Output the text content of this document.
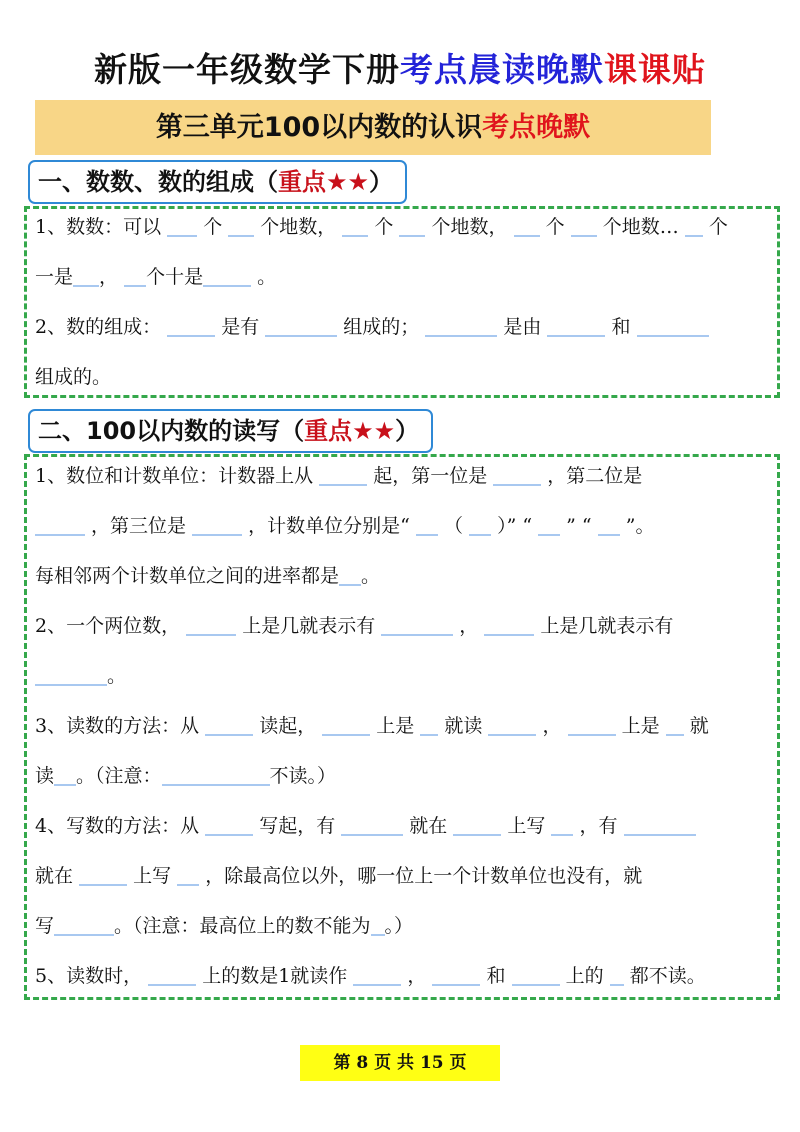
新版一年级数学下册考点晨读晚默课课贴
第三单元100以内数的认识考点晚默
一、数数、数的组成（重点★★）
1、数数：可以 个 个地数， 个 个地数， 个 个地数… 个
一是 ， 个十是	。
2、数的组成：	是有	组成的；	是由	和
组成的。
二、100以内数的读写（重点★★）
1、数位和计数单位：计数器上从	起，第一位是	，第二位是
，第三位是	，计数单位分别是“ （ ）” “ ” “ ”。
每相邻两个计数单位之间的进率都是 。
2、一个两位数，	上是几就表示有	，	上是几就表示有
。
3、读数的方法：从	读起，	上是 就读	，	上是 就
读 。（注意：	不读。）
4、写数的方法：从	写起，有	就在	上写 ，有
就在	上写 ，除最高位以外，哪一位上一个计数单位也没有，就
写	。（注意：最高位上的数不能为 。）
5、读数时，	上的数是1就读作	，	和	上的 都不读。
第 8 页 共 15 页
